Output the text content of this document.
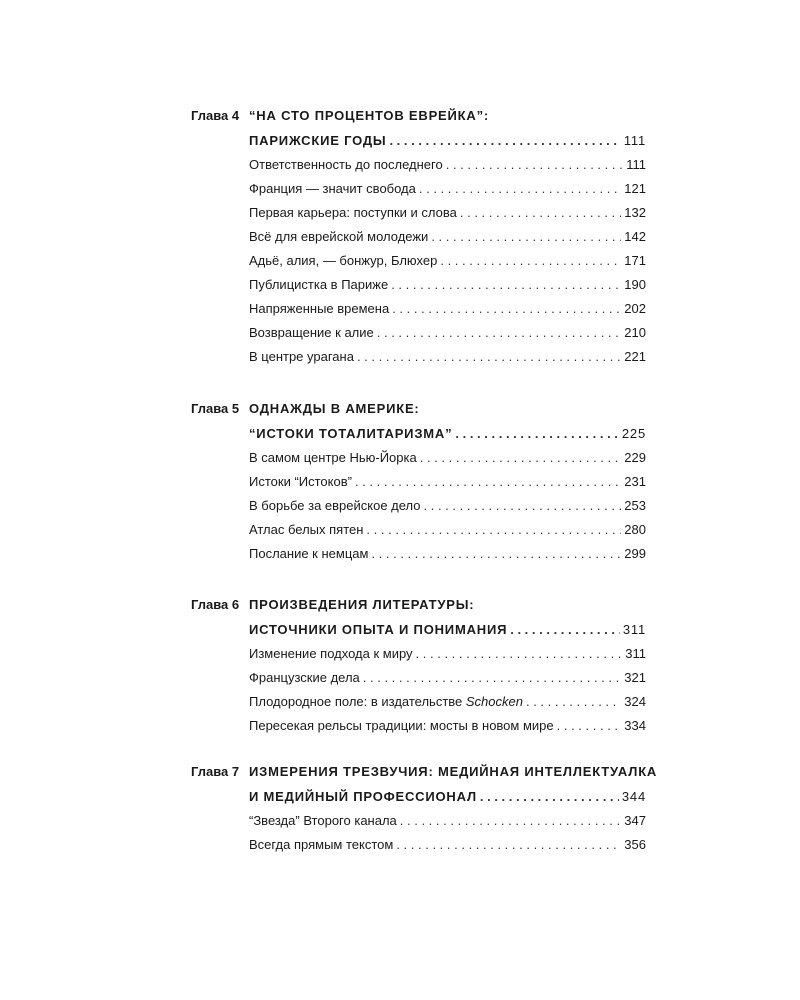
Глава 4 “НА СТО ПРОЦЕНТОВ ЕВРЕЙКА”:
ПАРИЖСКИЕ ГОДЫ . . .	111
Ответственность до последнего . . .	111
Франция — значит свобода . . .	121
Первая карьера: поступки и слова . . .	132
Всё для еврейской молодежи . . .	142
Адьё, алия, — бонжур, Блюхер . . .	171
Публицистка в Париже . . .	190
Напряженные времена . . .	202
Возвращение к алие . . .	210
В центре урагана . . .	221
Глава 5 ОДНАЖДЫ В АМЕРИКЕ:
“ИСТОКИ ТОТАЛИТАРИЗМА” . . .	225
В самом центре Нью-Йорка . . .	229
Истоки “Истоков” . . .	231
В борьбе за еврейское дело . . .	253
Атлас белых пятен . . .	280
Послание к немцам . . .	299
Глава 6 ПРОИЗВЕДЕНИЯ ЛИТЕРАТУРЫ:
ИСТОЧНИКИ ОПЫТА И ПОНИМАНИЯ . . .	311
Изменение подхода к миру . . .	311
Французские дела . . .	321
Плодородное поле: в издательстве Schocken . . .	324
Пересекая рельсы традиции: мосты в новом мире . . .	334
Глава 7 ИЗМЕРЕНИЯ ТРЕЗВУЧИЯ: МЕДИЙНАЯ ИНТЕЛЛЕКТУАЛКА
И МЕДИЙНЫЙ ПРОФЕССИОНАЛ . . .	344
“Звезда” Второго канала . . .	347
Всегда прямым текстом . . .	356
